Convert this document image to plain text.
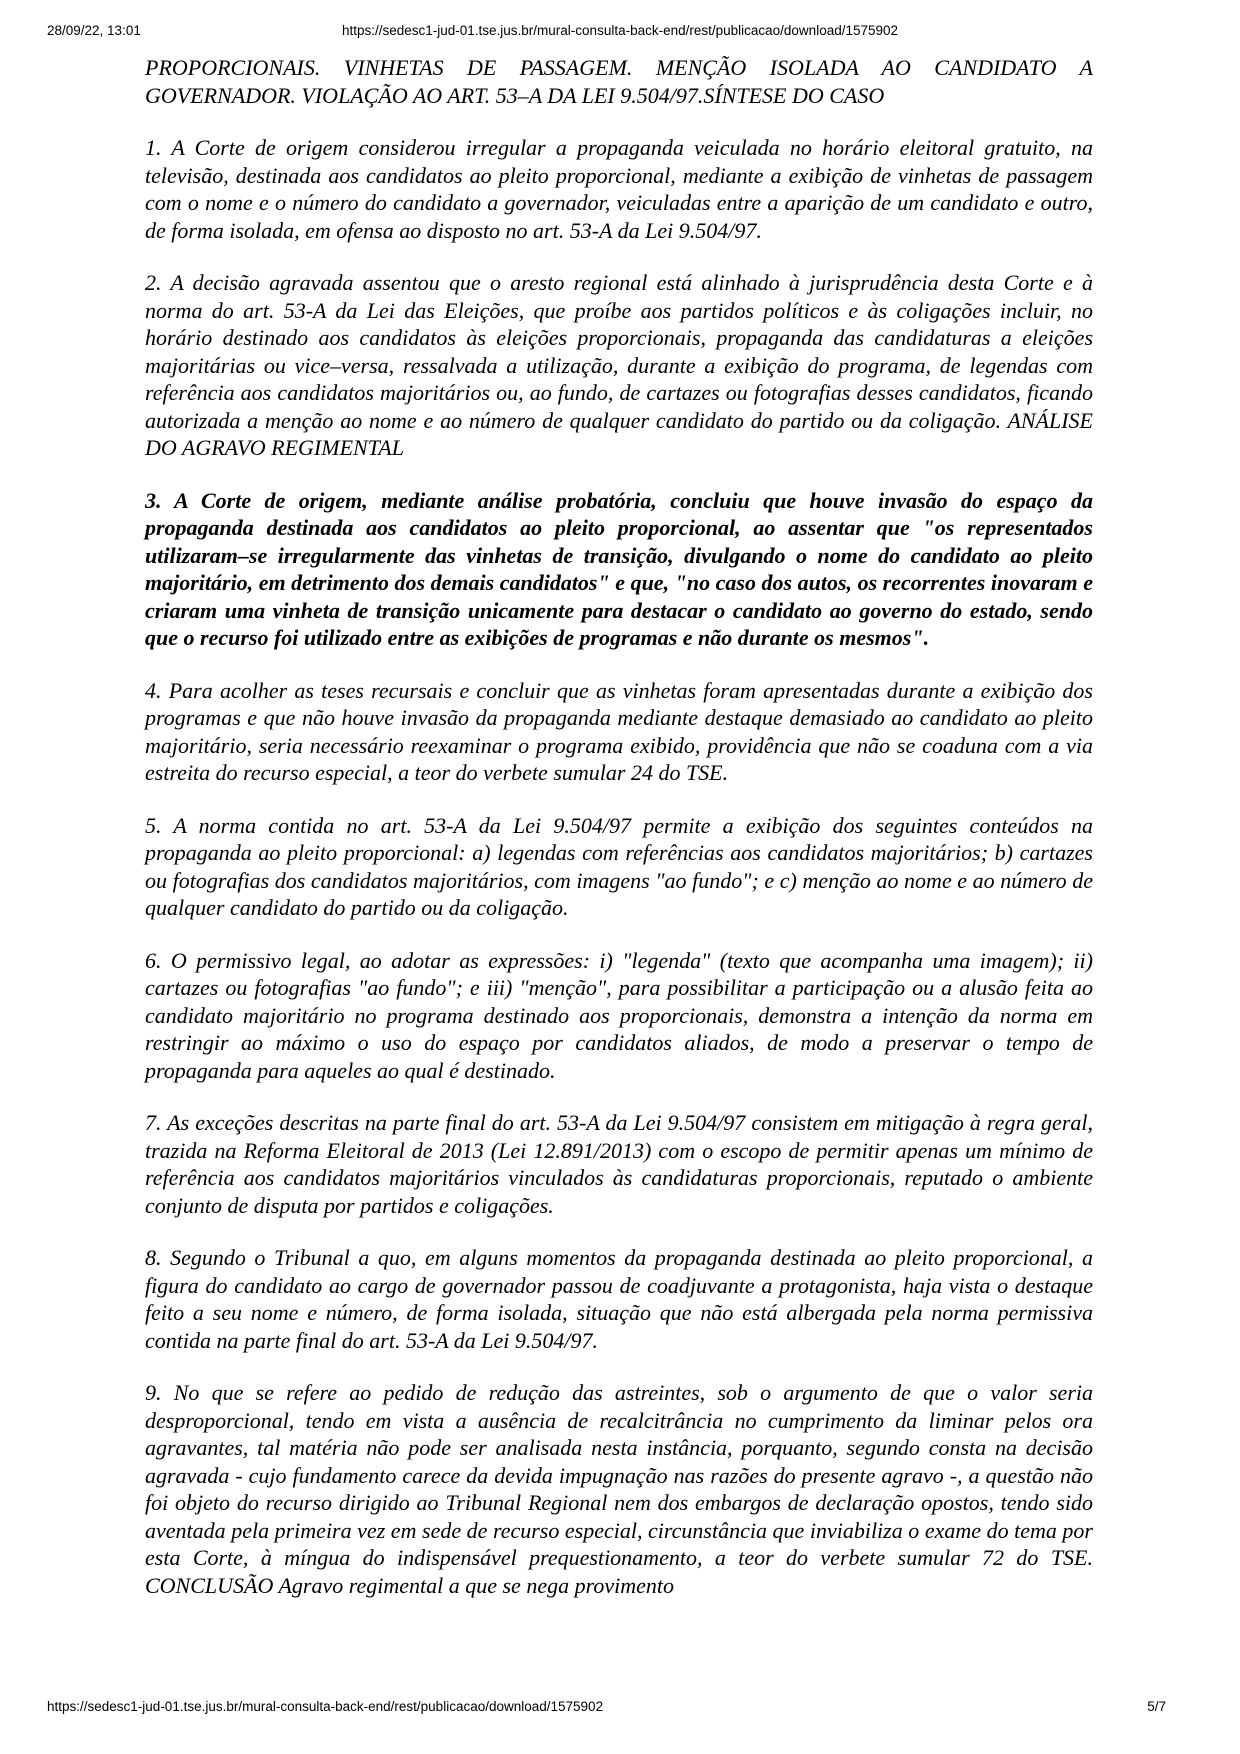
28/09/22, 13:01	https://sedesc1-jud-01.tse.jus.br/mural-consulta-back-end/rest/publicacao/download/1575902

PROPORCIONAIS. VINHETAS DE PASSAGEM. MENÇÃO ISOLADA AO CANDIDATO A GOVERNADOR. VIOLAÇÃO AO ART. 53–A DA LEI 9.504/97.SÍNTESE DO CASO

1. A Corte de origem considerou irregular a propaganda veiculada no horário eleitoral gratuito, na televisão, destinada aos candidatos ao pleito proporcional, mediante a exibição de vinhetas de passagem com o nome e o número do candidato a governador, veiculadas entre a aparição de um candidato e outro, de forma isolada, em ofensa ao disposto no art. 53-A da Lei 9.504/97.

2. A decisão agravada assentou que o aresto regional está alinhado à jurisprudência desta Corte e à norma do art. 53-A da Lei das Eleições, que proíbe aos partidos políticos e às coligações incluir, no horário destinado aos candidatos às eleições proporcionais, propaganda das candidaturas a eleições majoritárias ou vice–versa, ressalvada a utilização, durante a exibição do programa, de legendas com referência aos candidatos majoritários ou, ao fundo, de cartazes ou fotografias desses candidatos, ficando autorizada a menção ao nome e ao número de qualquer candidato do partido ou da coligação. ANÁLISE DO AGRAVO REGIMENTAL

3. A Corte de origem, mediante análise probatória, concluiu que houve invasão do espaço da propaganda destinada aos candidatos ao pleito proporcional, ao assentar que "os representados utilizaram–se irregularmente das vinhetas de transição, divulgando o nome do candidato ao pleito majoritário, em detrimento dos demais candidatos" e que, "no caso dos autos, os recorrentes inovaram e criaram uma vinheta de transição unicamente para destacar o candidato ao governo do estado, sendo que o recurso foi utilizado entre as exibições de programas e não durante os mesmos".

4. Para acolher as teses recursais e concluir que as vinhetas foram apresentadas durante a exibição dos programas e que não houve invasão da propaganda mediante destaque demasiado ao candidato ao pleito majoritário, seria necessário reexaminar o programa exibido, providência que não se coaduna com a via estreita do recurso especial, a teor do verbete sumular 24 do TSE.

5. A norma contida no art. 53-A da Lei 9.504/97 permite a exibição dos seguintes conteúdos na propaganda ao pleito proporcional: a) legendas com referências aos candidatos majoritários; b) cartazes ou fotografias dos candidatos majoritários, com imagens "ao fundo"; e c) menção ao nome e ao número de qualquer candidato do partido ou da coligação.

6. O permissivo legal, ao adotar as expressões: i) "legenda" (texto que acompanha uma imagem); ii) cartazes ou fotografias "ao fundo"; e iii) "menção", para possibilitar a participação ou a alusão feita ao candidato majoritário no programa destinado aos proporcionais, demonstra a intenção da norma em restringir ao máximo o uso do espaço por candidatos aliados, de modo a preservar o tempo de propaganda para aqueles ao qual é destinado.

7. As exceções descritas na parte final do art. 53-A da Lei 9.504/97 consistem em mitigação à regra geral, trazida na Reforma Eleitoral de 2013 (Lei 12.891/2013) com o escopo de permitir apenas um mínimo de referência aos candidatos majoritários vinculados às candidaturas proporcionais, reputado o ambiente conjunto de disputa por partidos e coligações.

8. Segundo o Tribunal a quo, em alguns momentos da propaganda destinada ao pleito proporcional, a figura do candidato ao cargo de governador passou de coadjuvante a protagonista, haja vista o destaque feito a seu nome e número, de forma isolada, situação que não está albergada pela norma permissiva contida na parte final do art. 53-A da Lei 9.504/97.

9. No que se refere ao pedido de redução das astreintes, sob o argumento de que o valor seria desproporcional, tendo em vista a ausência de recalcitrância no cumprimento da liminar pelos ora agravantes, tal matéria não pode ser analisada nesta instância, porquanto, segundo consta na decisão agravada - cujo fundamento carece da devida impugnação nas razões do presente agravo -, a questão não foi objeto do recurso dirigido ao Tribunal Regional nem dos embargos de declaração opostos, tendo sido aventada pela primeira vez em sede de recurso especial, circunstância que inviabiliza o exame do tema por esta Corte, à míngua do indispensável prequestionamento, a teor do verbete sumular 72 do TSE. CONCLUSÃO Agravo regimental a que se nega provimento

https://sedesc1-jud-01.tse.jus.br/mural-consulta-back-end/rest/publicacao/download/1575902	5/7
